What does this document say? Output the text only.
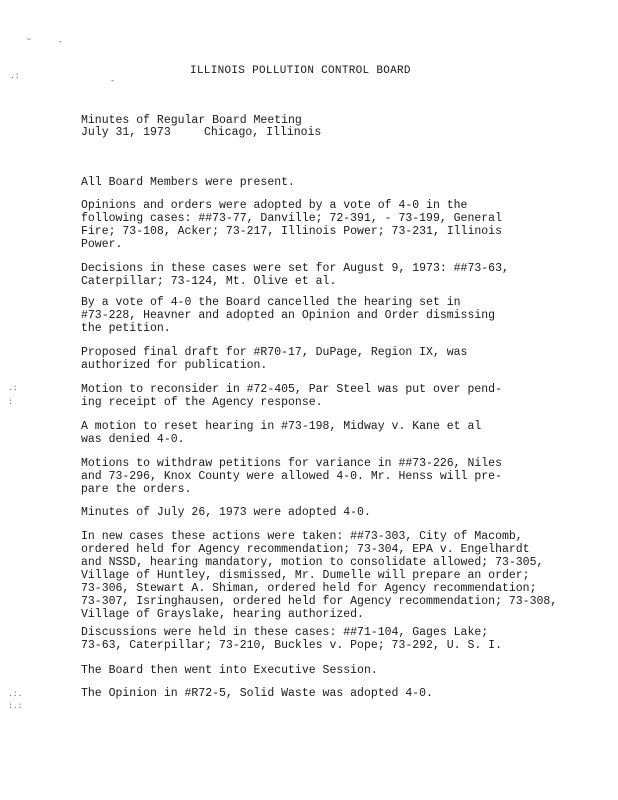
~	-
.:
-
.:
:
.:.
:.:
ILLINOIS POLLUTION CONTROL BOARD
Minutes of Regular Board Meeting
July 31, 1973	Chicago, Illinois
All Board Members were present.
Opinions and orders were adopted by a vote of 4-0 in the
following cases: ##73-77, Danville; 72-391, - 73-199, General
Fire; 73-108, Acker; 73-217, Illinois Power; 73-231, Illinois
Power.
Decisions in these cases were set for August 9, 1973: ##73-63,
Caterpillar; 73-124, Mt. Olive et al.
By a vote of 4-0 the Board cancelled the hearing set in
#73-228, Heavner and adopted an Opinion and Order dismissing
the petition.
Proposed final draft for #R70-17, DuPage, Region IX, was
authorized for publication.
Motion to reconsider in #72-405, Par Steel was put over pend-
ing receipt of the Agency response.
A motion to reset hearing in #73-198, Midway v. Kane et al
was denied 4-0.
Motions to withdraw petitions for variance in ##73-226, Niles
and 73-296, Knox County were allowed 4-0. Mr. Henss will pre-
pare the orders.
Minutes of July 26, 1973 were adopted 4-0.
In new cases these actions were taken: ##73-303, City of Macomb,
ordered held for Agency recommendation; 73-304, EPA v. Engelhardt
and NSSD, hearing mandatory, motion to consolidate allowed; 73-305,
Village of Huntley, dismissed, Mr. Dumelle will prepare an order;
73-306, Stewart A. Shiman, ordered held for Agency recommendation;
73-307, Isringhausen, ordered held for Agency recommendation; 73-308,
Village of Grayslake, hearing authorized.
Discussions were held in these cases: ##71-104, Gages Lake;
73-63, Caterpillar; 73-210, Buckles v. Pope; 73-292, U. S. I.
The Board then went into Executive Session.
The Opinion in #R72-5, Solid Waste was adopted 4-0.
